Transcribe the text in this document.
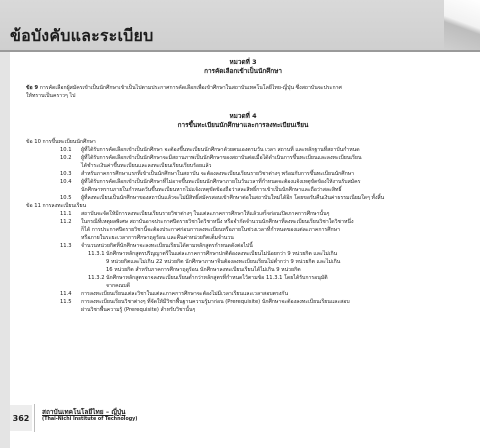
ข้อบังคับและระเบียบ
หมวดที่ 3
การคัดเลือกเข้าเป็นนักศึกษา
ข้อ 9 การคัดเลือกผู้สมัครเข้าเป็นนักศึกษาเข้าเป็นไปตามประกาศการคัดเลือกเพื่อเข้าศึกษาในสถาบันเทคโนโลยีไทย-ญี่ปุ่น ซึ่งสถาบันจะประกาศ
ให้ทราบเป็นคราวๆ ไป
หมวดที่ 4
การขึ้นทะเบียนนักศึกษาและการลงทะเบียนเรียน
ข้อ 10 การขึ้นทะเบียนนักศึกษา
10.1 ผู้ที่ได้รับการคัดเลือกเข้าเป็นนักศึกษา จะต้องขึ้นทะเบียนนักศึกษาด้วยตนเองตามวัน เวลา สถานที่ และหลักฐานที่สถาบันกำหนด
10.2 ผู้ที่ได้รับการคัดเลือกเข้าเป็นนักศึกษาจะมีสถานภาพเป็นนักศึกษาของสถาบันต่อเมื่อได้ดำเนินการขึ้นทะเบียนและลงทะเบียนเรียน
ได้ชำระเงินค่าขึ้นทะเบียนและลงทะเบียนเรียนเรียบร้อยแล้ว
10.3 สำหรับภาคการศึกษาแรกที่เข้าเป็นนักศึกษาในสถาบัน จะต้องลงทะเบียนเรียนรายวิชาต่างๆ พร้อมกับการขึ้นทะเบียนนักศึกษา
10.4 ผู้ที่ได้รับการคัดเลือกเข้าเป็นนักศึกษาที่ไม่อาจขึ้นทะเบียนนักศึกษาภายในวันเวลาที่กำหนดจะต้องแจ้งเหตุขัดข้องให้งานรับสมัคร
นักศึกษาทราบภายในกำหนดวันขึ้นทะเบียนหากไม่แจ้งเหตุขัดข้องถือว่าสละสิทธิ์การเข้าเป็นนักศึกษาและถือว่าสละสิทธิ์
10.5 ผู้ที่ลงทะเบียนเป็นนักศึกษาของสถาบันแล้วจะไม่มีสิทธิ์สมัครสอบเข้าศึกษาต่อในสถาบันใหม่ได้อีก โดยขอรับคืนเงินค่าธรรมเนียมใดๆ ทั้งสิ้น
ข้อ 11 การลงทะเบียนเรียน
11.1 สถาบันจะจัดให้มีการลงทะเบียนเรียนรายวิชาต่างๆ ในแต่ละภาคการศึกษาให้แล้วเสร็จก่อนเปิดภาคการศึกษานั้นๆ
11.2 ในกรณีที่เหตุผลพิเศษ สถาบันอาจประกาศปิดรายวิชาใดวิชาหนึ่ง หรือจำกัดจำนวนนักศึกษาที่ลงทะเบียนเรียนวิชาใดวิชาหนึ่ง
ก็ได้ การประกาศปิดรายวิชานี้จะต้องประกาศก่อนการลงทะเบียนหรือภายในช่วงเวลาที่กำหนดของแต่ละภาคการศึกษา
หรือภายในระยะเวลาการศึกษาฤดูร้อน และคืนค่าหน่วยกิตเต็มจำนวน
11.3 จำนวนหน่วยกิตที่นักศึกษาจะลงทะเบียนเรียนได้ตามหลักสูตรกำหนดดังต่อไปนี้
11.3.1 นักศึกษาหลักสูตรปริญญาตรีในแต่ละภาคการศึกษาปกติต้องลงทะเบียนไม่น้อยกว่า 9 หน่วยกิต และไม่เกิน
9 หน่วยกิตและไม่เกิน 22 หน่วยกิต นักศึกษาภาษาจีนต้องลงทะเบียนเรียนไม่ต่ำกว่า 9 หน่วยกิต และไม่เกิน
16 หน่วยกิต สำหรับภาคการศึกษาฤดูร้อน นักศึกษาลงทะเบียนเรียนได้ไม่เกิน 9 หน่วยกิต
11.3.2 นักศึกษาหลักสูตรอาจลงทะเบียนเรียนต่ำกว่าหลักสูตรที่กำหนดไว้ตามข้อ 11.3.1 โดยได้รับการอนุมัติ
จากคณบดี
11.4 การลงทะเบียนเรียนแต่ละวิชาในแต่ละภาคการศึกษาจะต้องไม่มีเวลาเรียนและเวลาสอบตรงกัน
11.5 การลงทะเบียนเรียนวิชาต่างๆ ที่จัดให้มีวิชาพื้นฐานความรู้มาก่อน (Prerequisite) นักศึกษาจะต้องลงทะเบียนเรียนและสอบ
ผ่านวิชาพื้นความรู้ (Prerequisite) สำหรับวิชานั้นๆ
362
สถาบันเทคโนโลยีไทย – ญี่ปุ่น
(Thai-Nichi Institute of Technology)
